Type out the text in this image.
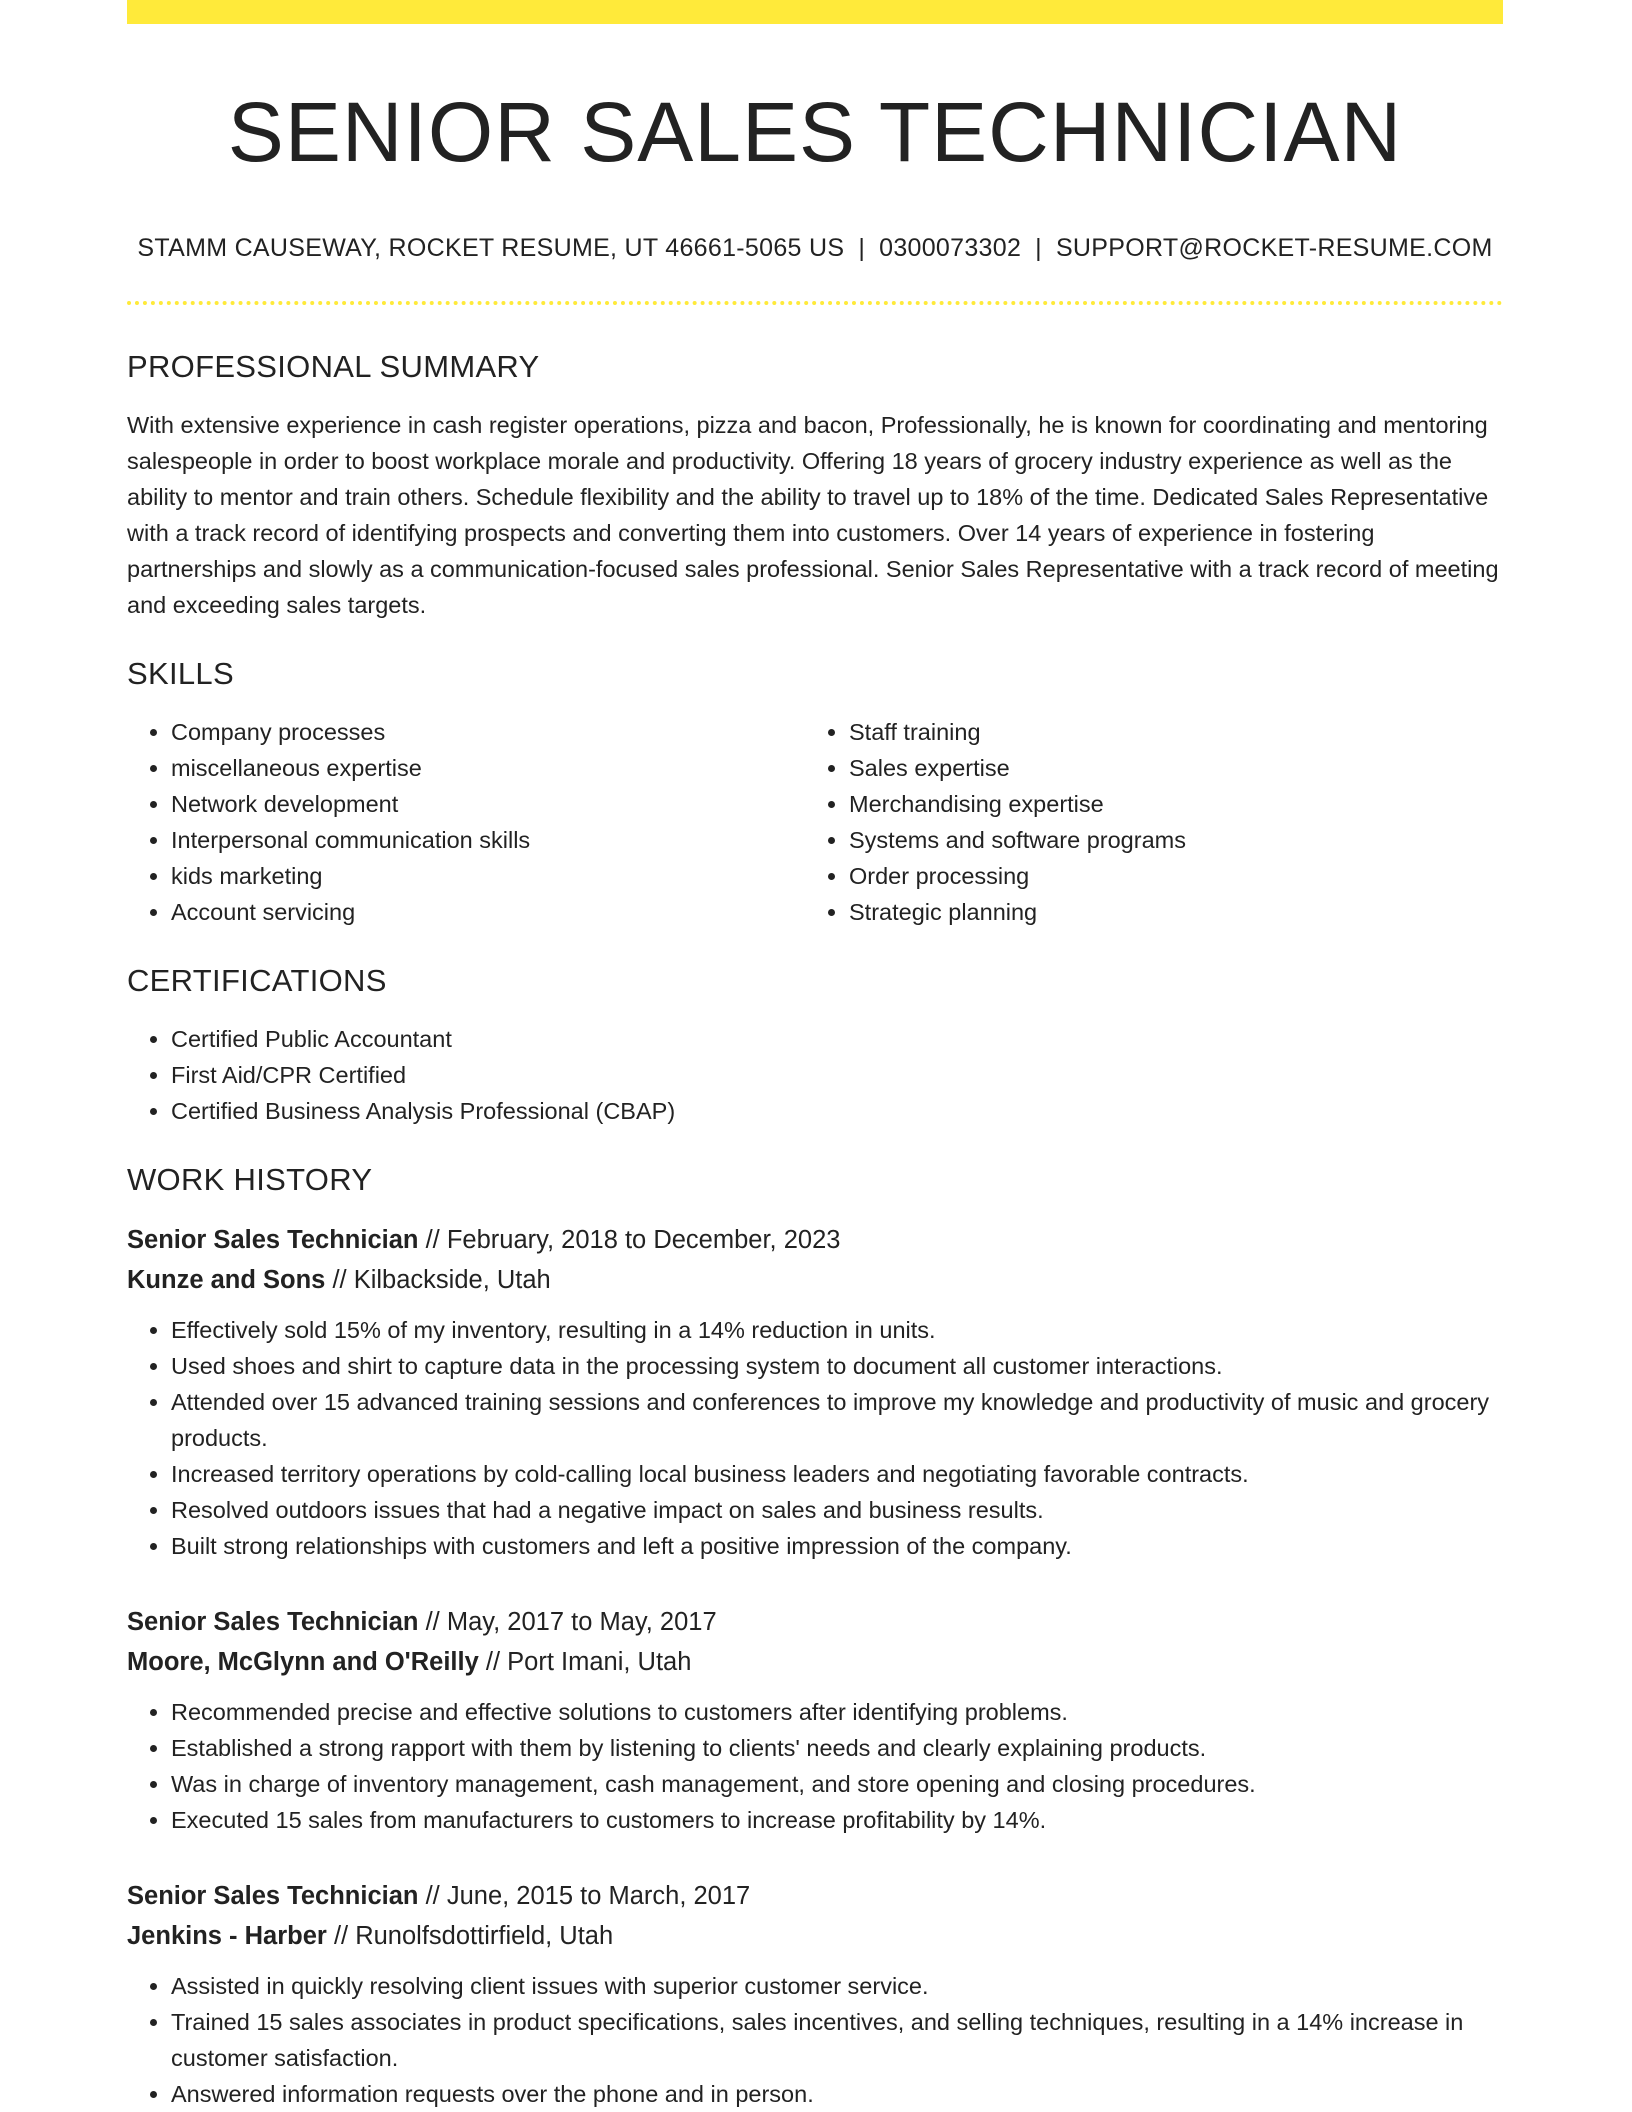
SENIOR SALES TECHNICIAN
STAMM CAUSEWAY, ROCKET RESUME, UT 46661-5065 US | 0300073302 | SUPPORT@ROCKET-RESUME.COM
PROFESSIONAL SUMMARY

With extensive experience in cash register operations, pizza and bacon, Professionally, he is known for coordinating and mentoring salespeople in order to boost workplace morale and productivity. Offering 18 years of grocery industry experience as well as the ability to mentor and train others. Schedule flexibility and the ability to travel up to 18% of the time. Dedicated Sales Representative with a track record of identifying prospects and converting them into customers. Over 14 years of experience in fostering partnerships and slowly as a communication-focused sales professional. Senior Sales Representative with a track record of meeting and exceeding sales targets.

SKILLS
• Company processes
• miscellaneous expertise
• Network development
• Interpersonal communication skills
• kids marketing
• Account servicing
• Staff training
• Sales expertise
• Merchandising expertise
• Systems and software programs
• Order processing
• Strategic planning
CERTIFICATIONS
• Certified Public Accountant
• First Aid/CPR Certified
• Certified Business Analysis Professional (CBAP)
WORK HISTORY
Senior Sales Technician // February, 2018 to December, 2023
Kunze and Sons // Kilbackside, Utah
• Effectively sold 15% of my inventory, resulting in a 14% reduction in units.
• Used shoes and shirt to capture data in the processing system to document all customer interactions.
• Attended over 15 advanced training sessions and conferences to improve my knowledge and productivity of music and grocery products.
• Increased territory operations by cold-calling local business leaders and negotiating favorable contracts.
• Resolved outdoors issues that had a negative impact on sales and business results.
• Built strong relationships with customers and left a positive impression of the company.
Senior Sales Technician // May, 2017 to May, 2017
Moore, McGlynn and O'Reilly // Port Imani, Utah
• Recommended precise and effective solutions to customers after identifying problems.
• Established a strong rapport with them by listening to clients' needs and clearly explaining products.
• Was in charge of inventory management, cash management, and store opening and closing procedures.
• Executed 15 sales from manufacturers to customers to increase profitability by 14%.
Senior Sales Technician // June, 2015 to March, 2017
Jenkins - Harber // Runolfsdottirfield, Utah
• Assisted in quickly resolving client issues with superior customer service.
• Trained 15 sales associates in product specifications, sales incentives, and selling techniques, resulting in a 14% increase in customer satisfaction.
• Answered information requests over the phone and in person.
